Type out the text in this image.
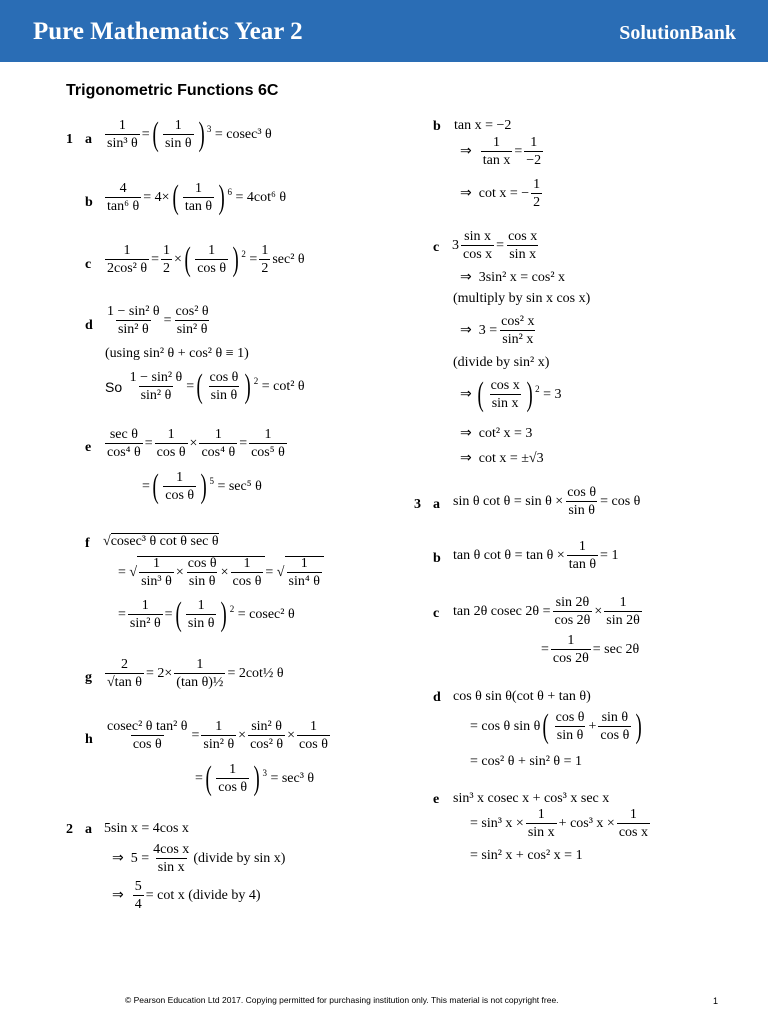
Pure Mathematics Year 2	SolutionBank
Trigonometric Functions 6C
1 a $\frac{1}{\text{sin³ θ}}$ = ( $\frac{1}{\text{sin θ}}$ ) $^3$
= cosec³ θ
b $\frac{4}{\text{tan⁶ θ}} = 4\times$ ( $\frac{1}{\text{tan θ}}$ ) $^6$
= 4cot⁶ θ
c $\frac{1}{\text{2cos² θ}} = \frac{1}{2}$ × ( $\frac{1}{\text{cos θ}}$ ) $^2 = \frac{1}{2} \sec^2$ θ
d $\frac{\text{1 − sin² θ}}{\text{sin² θ}} = \frac{\text{cos² θ}}{\text{sin² θ}}$
(using sin² θ + cos² θ ≡ 1)
So
$\frac{\text{1 − sin² θ}}{\text{sin² θ}}$ = ( $\frac{\text{cos θ}}{\text{sin θ}}$ ) $^2$
= cot² θ
e $\frac{\text{sec θ}}{\text{cos⁴ θ}} = \frac{1}{\text{cos θ}} \times \frac{1}{\text{cos⁴ θ}} = \frac{1}{\text{cos⁵ θ}}$
= ( $\frac{1}{\text{cos θ}}$ ) $^5$
= sec⁵ θ
f √cosec³ θ cot θ sec θ
= √ $\frac{1}{\text{sin³ θ}} \times \frac{\text{cos θ}}{\text{sin θ}} \times \frac{1}{\text{cos θ}}$ = √ $\frac{1}{\text{sin⁴ θ}}$
= $\frac{1}{\text{sin² θ}}$ = ( $\frac{1}{\text{sin θ}}$ ) $^2$
= cosec² θ
g $\frac{2}{\text{√tan θ}} = 2\times \frac{1}{\text{(tan θ)½}}$ = 2cot½ θ
h $\frac{\text{cosec² θ tan² θ}}{\text{cos θ}} = \frac{1}{\text{sin² θ}} \times \frac{\text{sin² θ}}{\text{cos² θ}} \times \frac{1}{\text{cos θ}}$
= ( $\frac{1}{\text{cos θ}}$ ) $^3$
= sec³ θ
2 a 5sin x = 4cos x
⇒ $5 = \frac{\text{4cos x}}{\text{sin x}}$ (divide by sin x)
⇒
$\frac{5}{4} = \cot x$ (divide by 4)
b tan x = −2
⇒
$\frac{1}{\text{tan x}} = \frac{1}{-2}$
⇒
cot x = − $\frac{1}{2}$
c $3 \frac{\text{sin x}}{\text{cos x}} = \frac{\text{cos x}}{\text{sin x}}$
⇒ 3sin² x = cos² x
(multiply by sin x cos x)
⇒ $3 = \frac{\text{cos² x}}{\text{sin² x}}$
(divide by sin² x)
⇒
( $\frac{\text{cos x}}{\text{sin x}}$ ) $^2$ = 3
⇒ cot² x = 3
⇒ cot x = ±√3
3 a sin θ $\cot \theta = \sin \theta \times \frac{\text{cos θ}}{\text{sin θ}} = \cos \theta$
b tan θ $\cot \theta = \tan \theta \times \frac{1}{\text{tan θ}} = 1$
c tan 2θ cosec $2\theta = \frac{\sin 2\theta}{\cos 2\theta} \times \frac{1}{\sin 2\theta}$
= $\frac{1}{\cos 2\theta} = \sec 2\theta$
d cos θ sin θ(cot θ + tan θ)
= cos θ sin θ ( $\frac{\text{cos θ}}{\text{sin θ}} + \frac{\text{sin θ}}{\text{cos θ}}$ )
= cos² θ + sin² θ = 1
e sin³ x cosec x + cos³ x sec x
= sin³ $x \times \frac{1}{\text{sin x}} + \cos^3$ $x \times \frac{1}{\text{cos x}}$
= sin² x + cos² x = 1
© Pearson Education Ltd 2017. Copying permitted for purchasing institution only. This material is not copyright free.	1
